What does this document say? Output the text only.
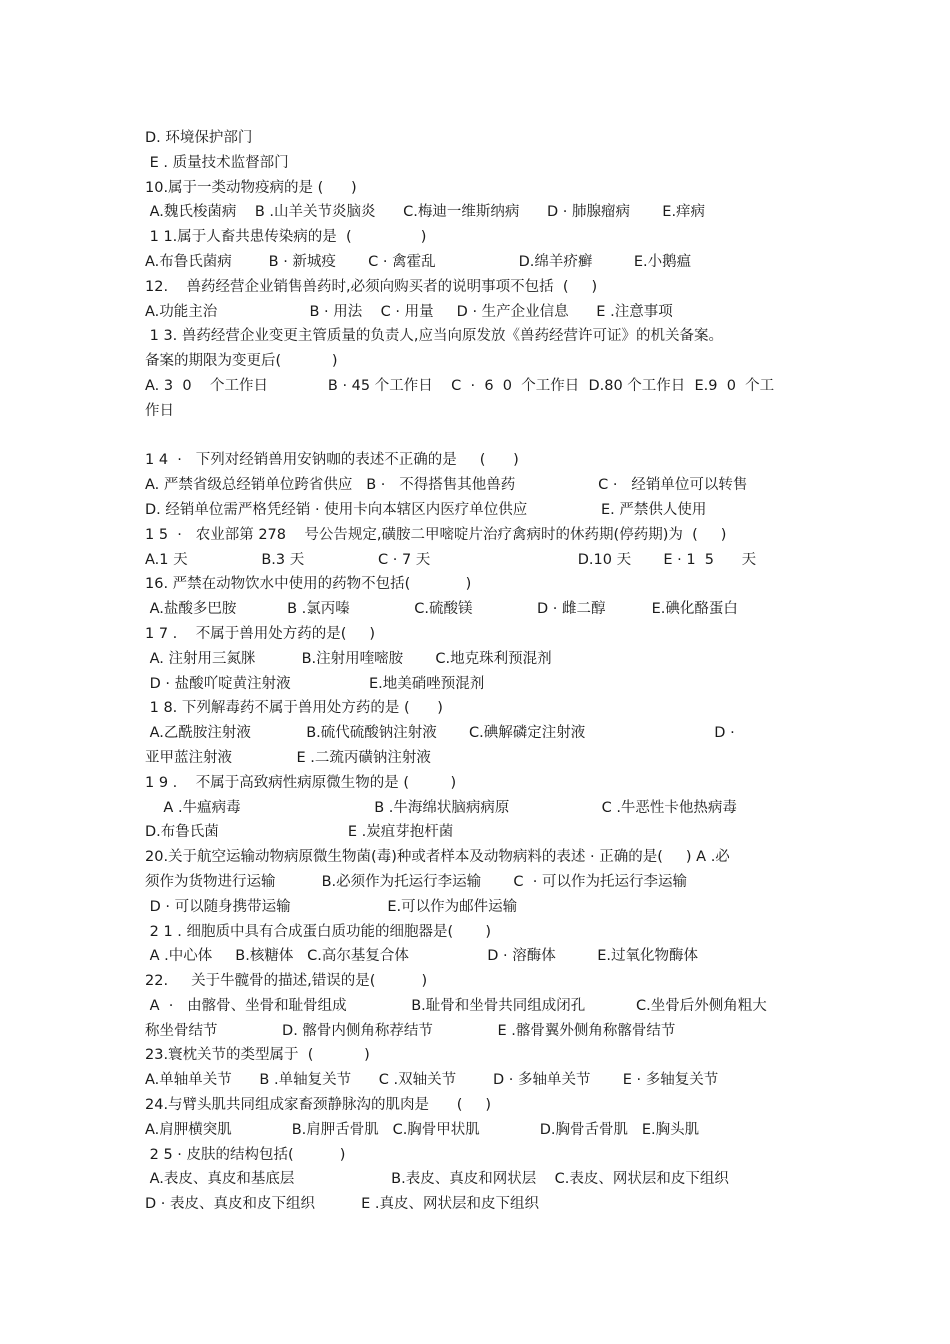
D. 环境保护部门
E . 质量技术监督部门
10.属于一类动物疫病的是 (      )
A.魏氏梭菌病    B .山羊关节炎脑炎      C.梅迪一维斯纳病      D · 肺腺瘤病       E.痒病
1 1.属于人畜共患传染病的是  (               )
A.布鲁氏菌病        B · 新城疫       C · 禽霍乱                  D.绵羊疥癣         E.小鹅瘟
12.    兽药经营企业销售兽药时,必须向购买者的说明事项不包括  (     )
A.功能主治                    B · 用法    C · 用量     D · 生产企业信息      E .注意事项
1 3. 兽药经营企业变更主管质量的负责人,应当向原发放《兽药经营许可证》的机关备案。
备案的期限为变更后(           )
A. 3  0    个工作日             B · 45 个工作日    C  ·  6  0  个工作日  D.80 个工作日  E.9  0  个工
作日
1 4  ·   下列对经销兽用安钠咖的表述不正确的是     (      )
A. 严禁省级总经销单位跨省供应   B ·   不得搭售其他兽药                  C ·   经销单位可以转售
D. 经销单位需严格凭经销 · 使用卡向本辖区内医疗单位供应                E. 严禁供人使用
1 5  ·   农业部第 278    号公告规定,磺胺二甲嘧啶片治疗禽病时的休药期(停药期)为  (     )
A.1 天                B.3 天                C · 7 天                                D.10 天       E · 1  5      天
16. 严禁在动物饮水中使用的药物不包括(            )
A.盐酸多巴胺           B .氯丙嗪              C.硫酸镁              D · 雌二醇          E.碘化酪蛋白
1 7 .    不属于兽用处方药的是(     )
A. 注射用三氮脒          B.注射用喹嘧胺       C.地克珠利预混剂
D · 盐酸吖啶黄注射液                 E.地美硝唑预混剂
1 8. 下列解毒药不属于兽用处方药的是 (      )
A.乙酰胺注射液            B.硫代硫酸钠注射液       C.碘解磷定注射液                            D ·
亚甲蓝注射液              E .二巯丙磺钠注射液
1 9 .    不属于高致病性病原微生物的是 (         )
A .牛瘟病毒                             B .牛海绵状脑病病原                    C .牛恶性卡他热病毒
D.布鲁氏菌                            E .炭疽芽抱杆菌
20.关于航空运输动物病原微生物菌(毒)种或者样本及动物病料的表述 · 正确的是(     ) A .必
须作为货物进行运输          B.必须作为托运行李运输       C  · 可以作为托运行李运输
D · 可以随身携带运输                     E.可以作为邮件运输
2 1 . 细胞质中具有合成蛋白质功能的细胞器是(       )
A .中心体     B.核糖体   C.高尔基复合体                 D · 溶酶体         E.过氧化物酶体
22.     关于牛髋骨的描述,错误的是(          )
A  ·   由髂骨、坐骨和耻骨组成              B.耻骨和坐骨共同组成闭孔           C.坐骨后外侧角粗大
称坐骨结节              D. 髂骨内侧角称荐结节              E .髂骨翼外侧角称髂骨结节
23.寰枕关节的类型属于  (           )
A.单轴单关节      B .单轴复关节      C .双轴关节        D · 多轴单关节       E · 多轴复关节
24.与臂头肌共同组成家畜颈静脉沟的肌肉是      (     )
A.肩胛横突肌             B.肩胛舌骨肌   C.胸骨甲状肌             D.胸骨舌骨肌   E.胸头肌
2 5 · 皮肤的结构包括(          )
A.表皮、真皮和基底层                     B.表皮、真皮和网状层    C.表皮、网状层和皮下组织
D · 表皮、真皮和皮下组织          E .真皮、网状层和皮下组织
